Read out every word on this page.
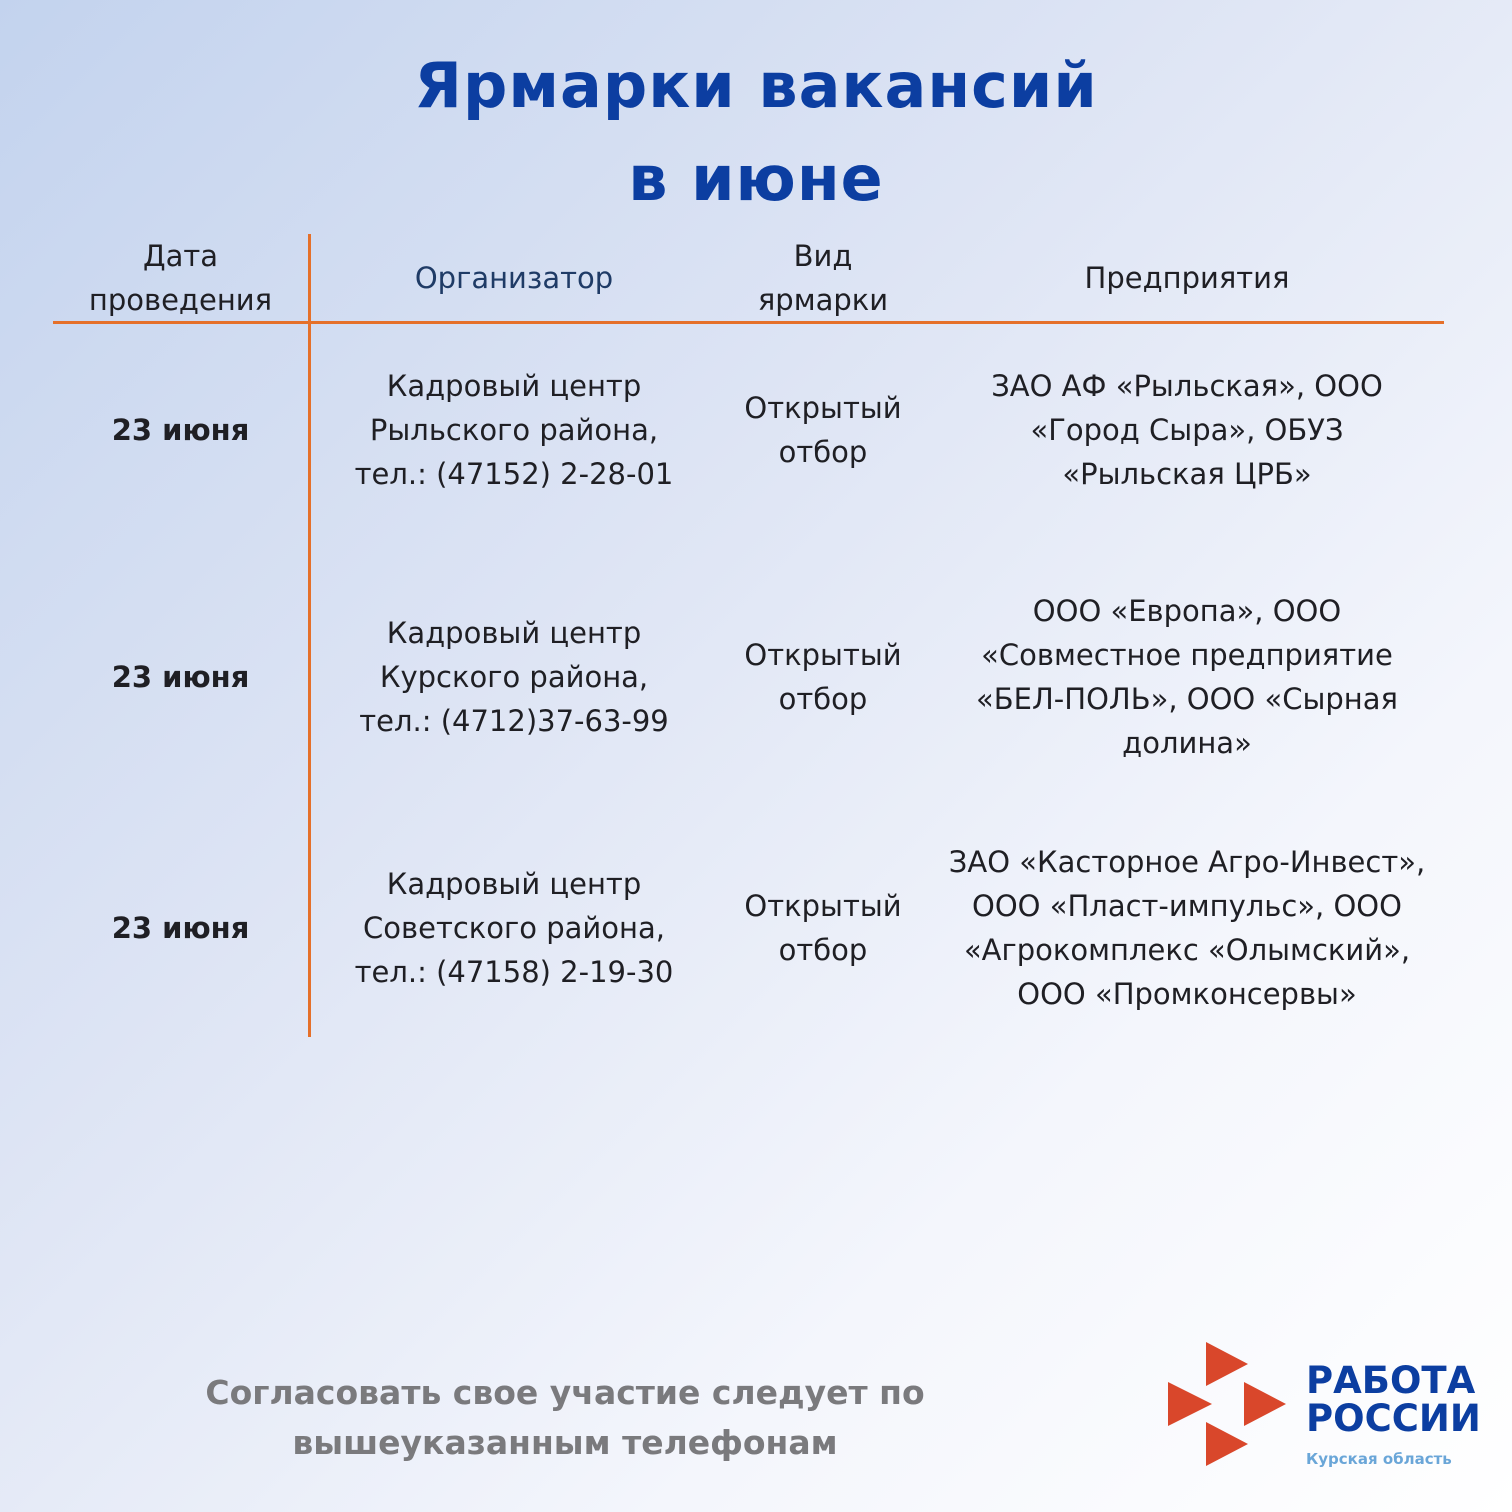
Ярмарки вакансий
в июне
Дата проведения
Организатор
Вид ярмарки
Предприятия
23 июня
Кадровый центр Рыльского района, тел.: (47152) 2-28-01
Открытый отбор
ЗАО АФ «Рыльская», ООО «Город Сыра», ОБУЗ «Рыльская ЦРБ»
23 июня
Кадровый центр Курского района, тел.: (4712)37-63-99
Открытый отбор
ООО «Европа», ООО «Совместное предприятие «БЕЛ-ПОЛЬ», ООО «Сырная долина»
23 июня
Кадровый центр Советского района, тел.: (47158) 2-19-30
Открытый отбор
ЗАО «Касторное Агро-Инвест», ООО «Пласт-импульс», ООО «Агрокомплекс «Олымский», ООО «Промконсервы»
Согласовать свое участие следует по вышеуказанным телефонам
РАБОТА
РОССИИ
Курская область
